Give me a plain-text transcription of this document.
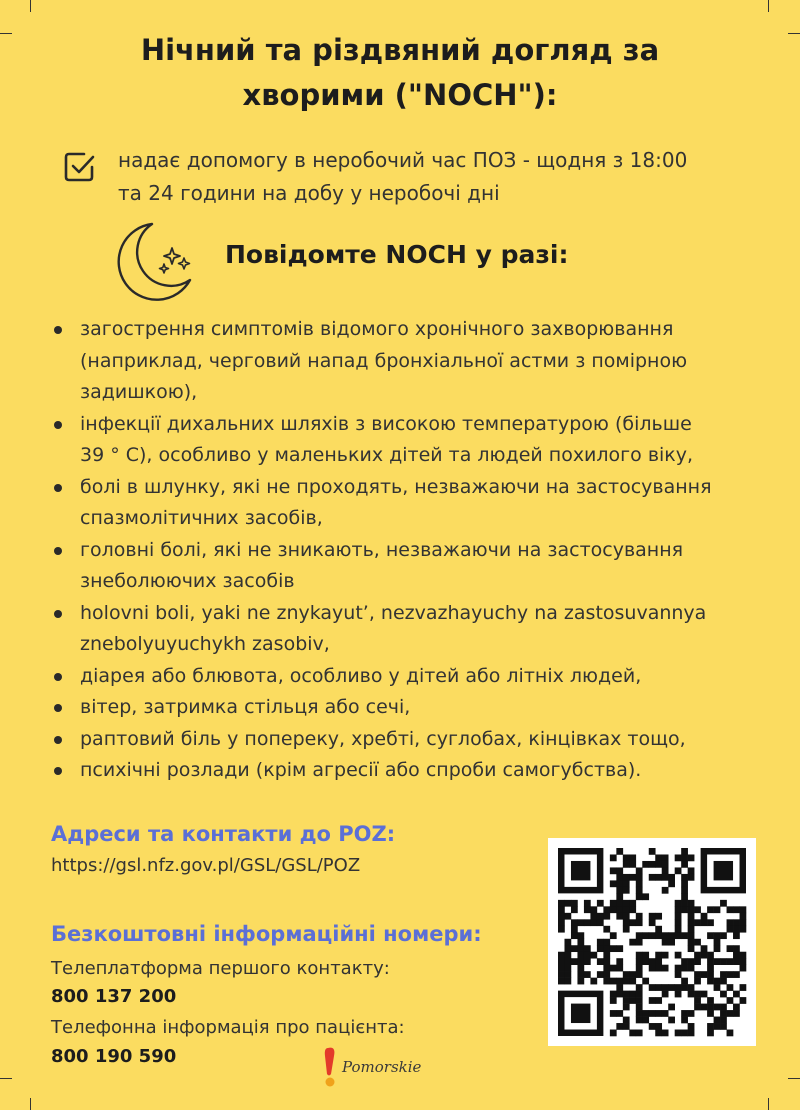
Нічний та різдвяний догляд за
хворими ("NOCH"):
надає допомогу в неробочий час ПОЗ - щодня з 18:00
та 24 години на добу у неробочі дні
Повідомте NOCH у разі:
загострення симптомів відомого хронічного захворювання
(наприклад, черговий напад бронхіальної астми з помірною
задишкою),
інфекції дихальних шляхів з високою температурою (більше
39 ° C), особливо у маленьких дітей та людей похилого віку,
болі в шлунку, які не проходять, незважаючи на застосування
спазмолітичних засобів,
головні болі, які не зникають, незважаючи на застосування
знеболюючих засобів
holovni boli, yaki ne znykayut’, nezvazhayuchy na zastosuvannya
znebolyuyuchykh zasobiv,
діарея або блювота, особливо у дітей або літніх людей,
вітер, затримка стільця або сечі,
раптовий біль у попереку, хребті, суглобах, кінцівках тощо,
психічні розлади (крім агресії або спроби самогубства).
Адреси та контакти до POZ:
https://gsl.nfz.gov.pl/GSL/GSL/POZ
Безкоштовні інформаційні номери:
Телеплатформа першого контакту:
800 137 200
Телефонна інформація про пацієнта:
800 190 590	Pomorskie
